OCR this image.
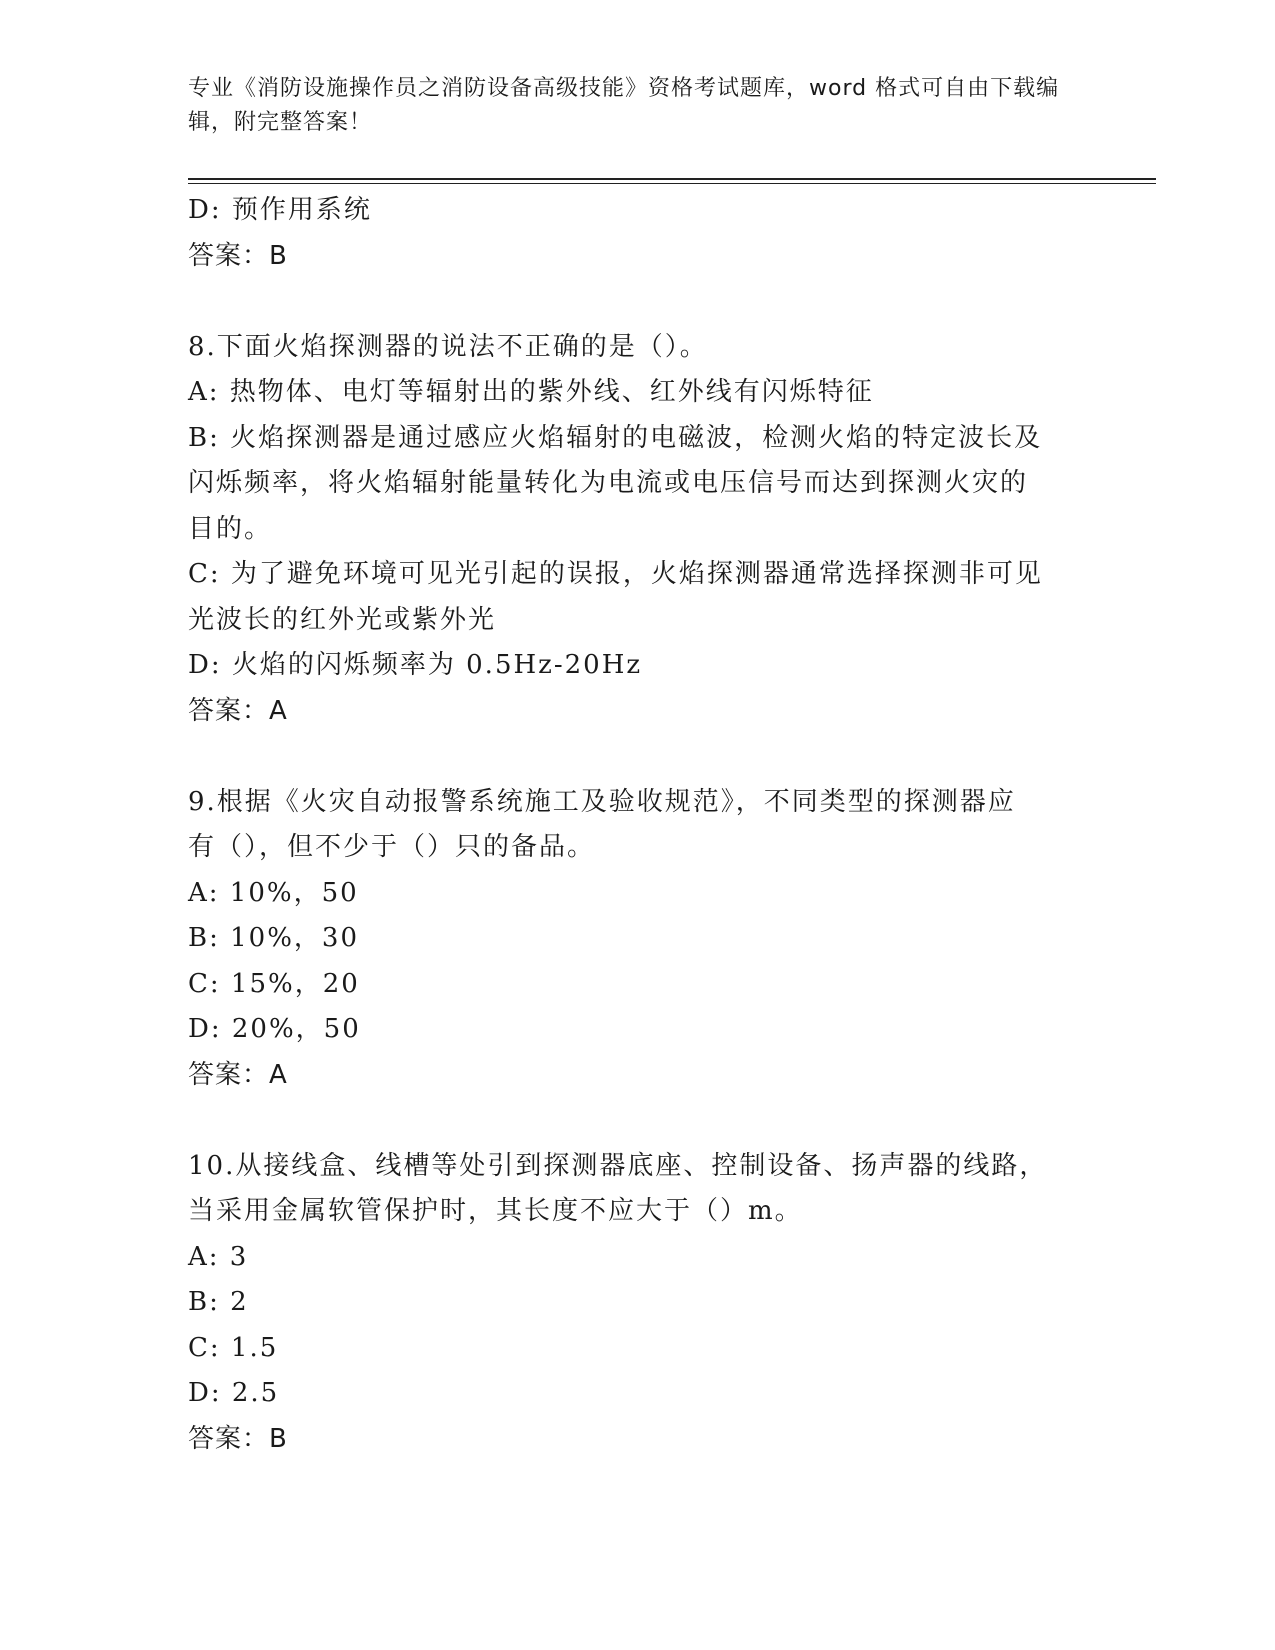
专业《消防设施操作员之消防设备高级技能》资格考试题库，word 格式可自由下载编辑，附完整答案！
D: 预作用系统
答案：B
8.下面火焰探测器的说法不正确的是（）。
A: 热物体、电灯等辐射出的紫外线、红外线有闪烁特征
B: 火焰探测器是通过感应火焰辐射的电磁波，检测火焰的特定波长及
闪烁频率，将火焰辐射能量转化为电流或电压信号而达到探测火灾的
目的。
C: 为了避免环境可见光引起的误报，火焰探测器通常选择探测非可见
光波长的红外光或紫外光
D: 火焰的闪烁频率为 0.5Hz-20Hz
答案：A
9.根据《火灾自动报警系统施工及验收规范》，不同类型的探测器应
有（），但不少于（）只的备品。
A: 10%，50
B: 10%，30
C: 15%，20
D: 20%，50
答案：A
10.从接线盒、线槽等处引到探测器底座、控制设备、扬声器的线路，
当采用金属软管保护时，其长度不应大于（）m。
A: 3
B: 2
C: 1.5
D: 2.5
答案：B
